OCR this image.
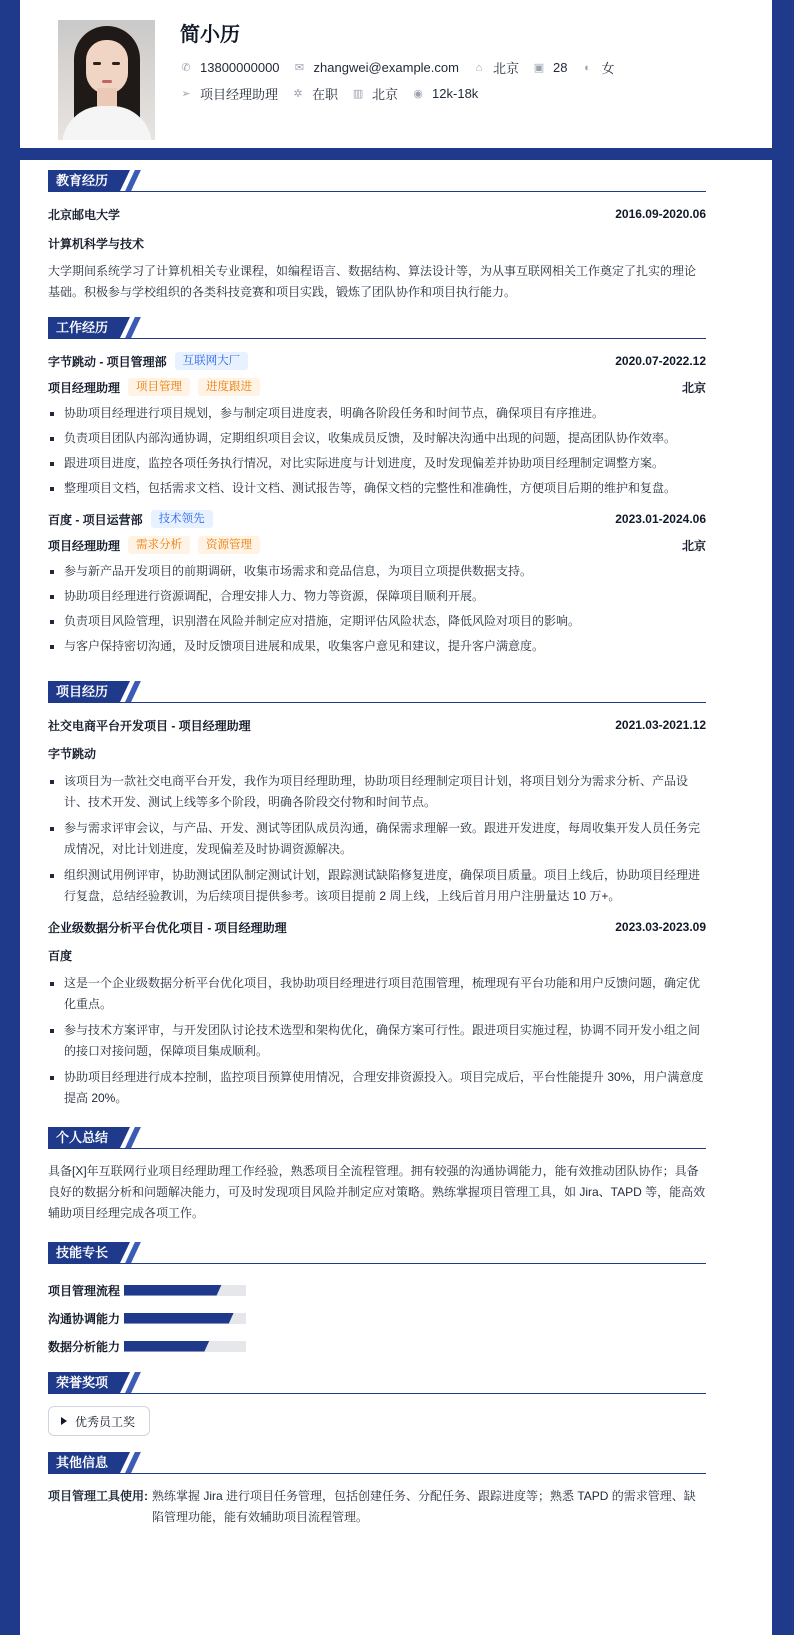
简小历
✆ 13800000000 ✉ zhangwei@example.com ⌂ 北京 ▣ 28 ◐ 女
➢ 项目经理助理 ✲ 在职 ▥ 北京 ◉ 12k-18k
教育经历
北京邮电大学	2016.09-2020.06
计算机科学与技术
大学期间系统学习了计算机相关专业课程，如编程语言、数据结构、算法设计等，为从事互联网相关工作奠定了扎实的理论基础。积极参与学校组织的各类科技竞赛和项目实践，锻炼了团队协作和项目执行能力。
工作经历
字节跳动 - 项目管理部	互联网大厂	2020.07-2022.12
项目经理助理	项目管理	进度跟进	北京
协助项目经理进行项目规划，参与制定项目进度表，明确各阶段任务和时间节点，确保项目有序推进。
负责项目团队内部沟通协调，定期组织项目会议，收集成员反馈，及时解决沟通中出现的问题，提高团队协作效率。
跟进项目进度，监控各项任务执行情况，对比实际进度与计划进度，及时发现偏差并协助项目经理制定调整方案。
整理项目文档，包括需求文档、设计文档、测试报告等，确保文档的完整性和准确性，方便项目后期的维护和复盘。
百度 - 项目运营部	技术领先	2023.01-2024.06
项目经理助理	需求分析	资源管理	北京
参与新产品开发项目的前期调研，收集市场需求和竞品信息，为项目立项提供数据支持。
协助项目经理进行资源调配，合理安排人力、物力等资源，保障项目顺利开展。
负责项目风险管理，识别潜在风险并制定应对措施，定期评估风险状态，降低风险对项目的影响。
与客户保持密切沟通，及时反馈项目进展和成果，收集客户意见和建议，提升客户满意度。
项目经历
社交电商平台开发项目 - 项目经理助理	2021.03-2021.12
字节跳动
该项目为一款社交电商平台开发，我作为项目经理助理，协助项目经理制定项目计划，将项目划分为需求分析、产品设计、技术开发、测试上线等多个阶段，明确各阶段交付物和时间节点。
参与需求评审会议，与产品、开发、测试等团队成员沟通，确保需求理解一致。跟进开发进度，每周收集开发人员任务完成情况，对比计划进度，发现偏差及时协调资源解决。
组织测试用例评审，协助测试团队制定测试计划，跟踪测试缺陷修复进度，确保项目质量。项目上线后，协助项目经理进行复盘，总结经验教训，为后续项目提供参考。该项目提前 2 周上线，上线后首月用户注册量达 10 万+。
企业级数据分析平台优化项目 - 项目经理助理	2023.03-2023.09
百度
这是一个企业级数据分析平台优化项目，我协助项目经理进行项目范围管理，梳理现有平台功能和用户反馈问题，确定优化重点。
参与技术方案评审，与开发团队讨论技术选型和架构优化，确保方案可行性。跟进项目实施过程，协调不同开发小组之间的接口对接问题，保障项目集成顺利。
协助项目经理进行成本控制，监控项目预算使用情况，合理安排资源投入。项目完成后，平台性能提升 30%，用户满意度提高 20%。
个人总结
具备[X]年互联网行业项目经理助理工作经验，熟悉项目全流程管理。拥有较强的沟通协调能力，能有效推动团队协作；具备良好的数据分析和问题解决能力，可及时发现项目风险并制定应对策略。熟练掌握项目管理工具，如 Jira、TAPD 等，能高效辅助项目经理完成各项工作。
技能专长
项目管理流程
沟通协调能力
数据分析能力
荣誉奖项
优秀员工奖
其他信息
项目管理工具使用: 熟练掌握 Jira 进行项目任务管理，包括创建任务、分配任务、跟踪进度等；熟悉 TAPD 的需求管理、缺陷管理功能，能有效辅助项目流程管理。
